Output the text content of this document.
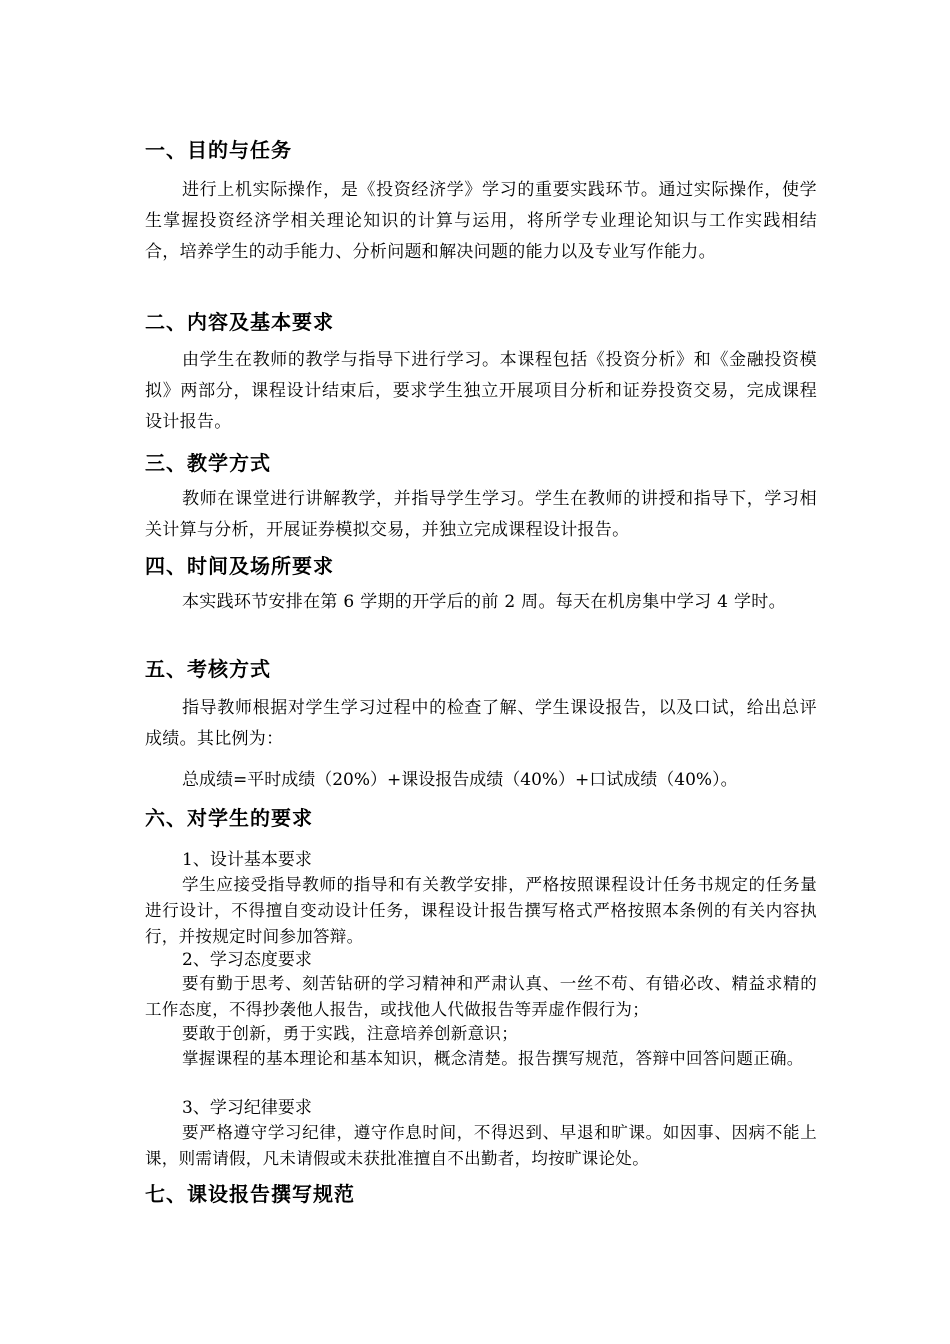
一、目的与任务
进行上机实际操作，是《投资经济学》学习的重要实践环节。通过实际操作，使学生掌握投资经济学相关理论知识的计算与运用，将所学专业理论知识与工作实践相结合，培养学生的动手能力、分析问题和解决问题的能力以及专业写作能力。
二、内容及基本要求
由学生在教师的教学与指导下进行学习。本课程包括《投资分析》和《金融投资模拟》两部分，课程设计结束后，要求学生独立开展项目分析和证券投资交易，完成课程设计报告。
三、教学方式
教师在课堂进行讲解教学，并指导学生学习。学生在教师的讲授和指导下，学习相关计算与分析，开展证券模拟交易，并独立完成课程设计报告。
四、时间及场所要求
本实践环节安排在第 6 学期的开学后的前 2 周。每天在机房集中学习 4 学时。
五、考核方式
指导教师根据对学生学习过程中的检查了解、学生课设报告，以及口试，给出总评成绩。其比例为：
总成绩=平时成绩（20%）+课设报告成绩（40%）+口试成绩（40%）。
六、对学生的要求
1、设计基本要求
学生应接受指导教师的指导和有关教学安排，严格按照课程设计任务书规定的任务量进行设计，不得擅自变动设计任务，课程设计报告撰写格式严格按照本条例的有关内容执行，并按规定时间参加答辩。
2、学习态度要求
要有勤于思考、刻苦钻研的学习精神和严肃认真、一丝不苟、有错必改、精益求精的工作态度，不得抄袭他人报告，或找他人代做报告等弄虚作假行为；
要敢于创新，勇于实践，注意培养创新意识；
掌握课程的基本理论和基本知识，概念清楚。报告撰写规范，答辩中回答问题正确。
3、学习纪律要求
要严格遵守学习纪律，遵守作息时间，不得迟到、早退和旷课。如因事、因病不能上课，则需请假，凡未请假或未获批准擅自不出勤者，均按旷课论处。
七、课设报告撰写规范
